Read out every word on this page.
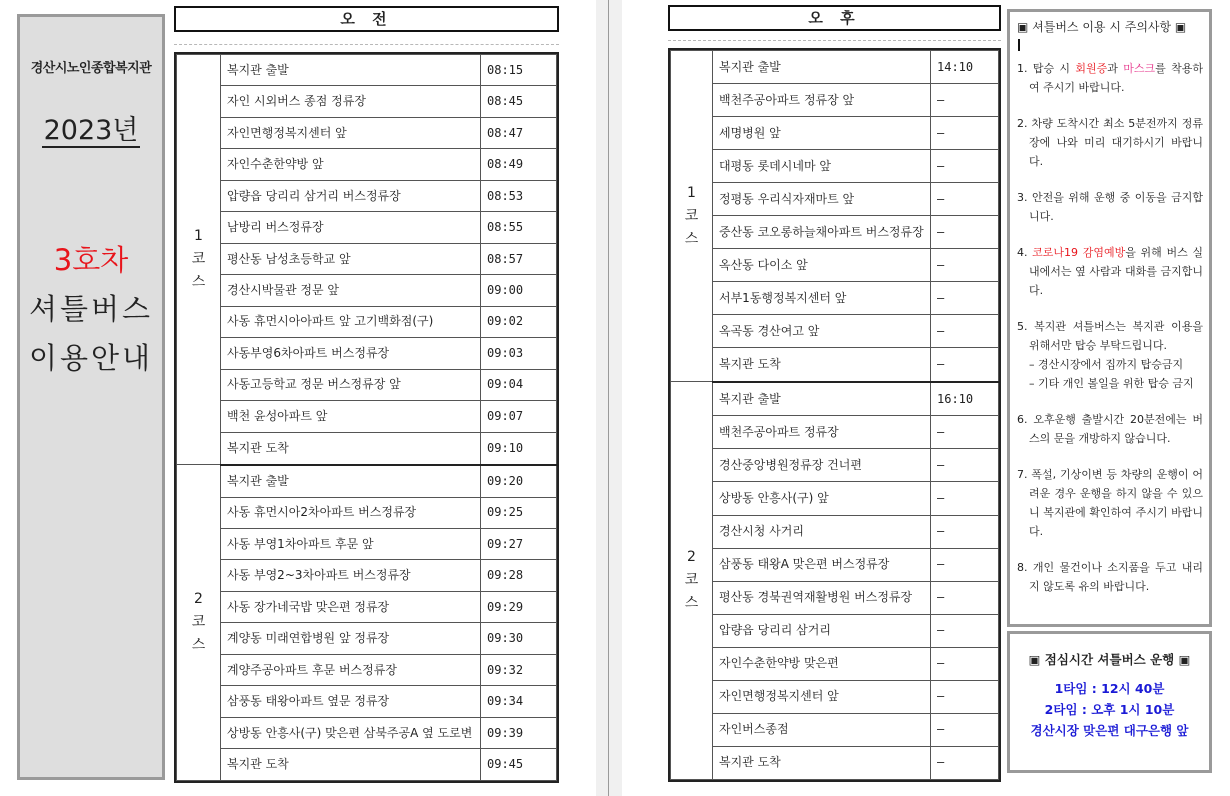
경산시노인종합복지관
2023년
3호차
셔틀버스
이용안내
오 전
1
코
스	복지관 출발	08:15
	자인 시외버스 종점 정류장	08:45
	자인면행정복지센터 앞	08:47
	자인수춘한약방 앞	08:49
	압량읍 당리리 삼거리 버스정류장	08:53
	남방리 버스정류장	08:55
	평산동 남성초등학교 앞	08:57
	경산시박물관 정문 앞	09:00
	사동 휴먼시아아파트 앞 고기백화점(구)	09:02
	사동부영6차아파트 버스정류장	09:03
	사동고등학교 정문 버스정류장 앞	09:04
	백천 윤성아파트 앞	09:07
	복지관 도착	09:10

2
코
스	복지관 출발	09:20
	사동 휴먼시아2차아파트 버스정류장	09:25
	사동 부영1차아파트 후문 앞	09:27
	사동 부영2~3차아파트 버스정류장	09:28
	사동 장가네국밥 맞은편 정류장	09:29
	계양동 미래연합병원 앞 정류장	09:30
	계양주공아파트 후문 버스정류장	09:32
	삼풍동 태왕아파트 옆문 정류장	09:34
	상방동 안흥사(구) 맞은편 삼북주공A 옆 도로변	09:39
	복지관 도착	09:45
오 후
1
코
스	복지관 출발	14:10
	백천주공아파트 정류장 앞	–
	세명병원 앞	–
	대평동 롯데시네마 앞	–
	정평동 우리식자재마트 앞	–
	중산동 코오롱하늘채아파트 버스정류장	–
	옥산동 다이소 앞	–
	서부1동행정복지센터 앞	–
	옥곡동 경산여고 앞	–
	복지관 도착	–

2
코
스	복지관 출발	16:10
	백천주공아파트 정류장	–
	경산중앙병원정류장 건너편	–
	상방동 안흥사(구) 앞	–
	경산시청 사거리	–
	삼풍동 태왕A 맞은편 버스정류장	–
	평산동 경북권역재활병원 버스정류장	–
	압량읍 당리리 삼거리	–
	자인수춘한약방 맞은편	–
	자인면행정복지센터 앞	–
	자인버스종점	–
	복지관 도착	–
▣ 셔틀버스 이용 시 주의사항 ▣
1. 탑승 시 회원증과 마스크를 착용하여 주시기 바랍니다.
2. 차량 도착시간 최소 5분전까지 정류장에 나와 미리 대기하시기 바랍니다.
3. 안전을 위해 운행 중 이동을 금지합니다.
4. 코로나19 감염예방을 위해 버스 실내에서는 옆 사람과 대화를 금지합니다.
5. 복지관 셔틀버스는 복지관 이용을 위해서만 탑승 부탁드립니다.
– 경산시장에서 집까지 탑승금지
– 기타 개인 볼일을 위한 탑승 금지
6. 오후운행 출발시간 20분전에는 버스의 문을 개방하지 않습니다.
7. 폭설, 기상이변 등 차량의 운행이 어려운 경우 운행을 하지 않을 수 있으니 복지관에 확인하여 주시기 바랍니다.
8. 개인 물건이나 소지품을 두고 내리지 않도록 유의 바랍니다.
▣ 점심시간 셔틀버스 운행 ▣
1타임 : 12시 40분
2타임 : 오후 1시 10분
경산시장 맞은편 대구은행 앞
